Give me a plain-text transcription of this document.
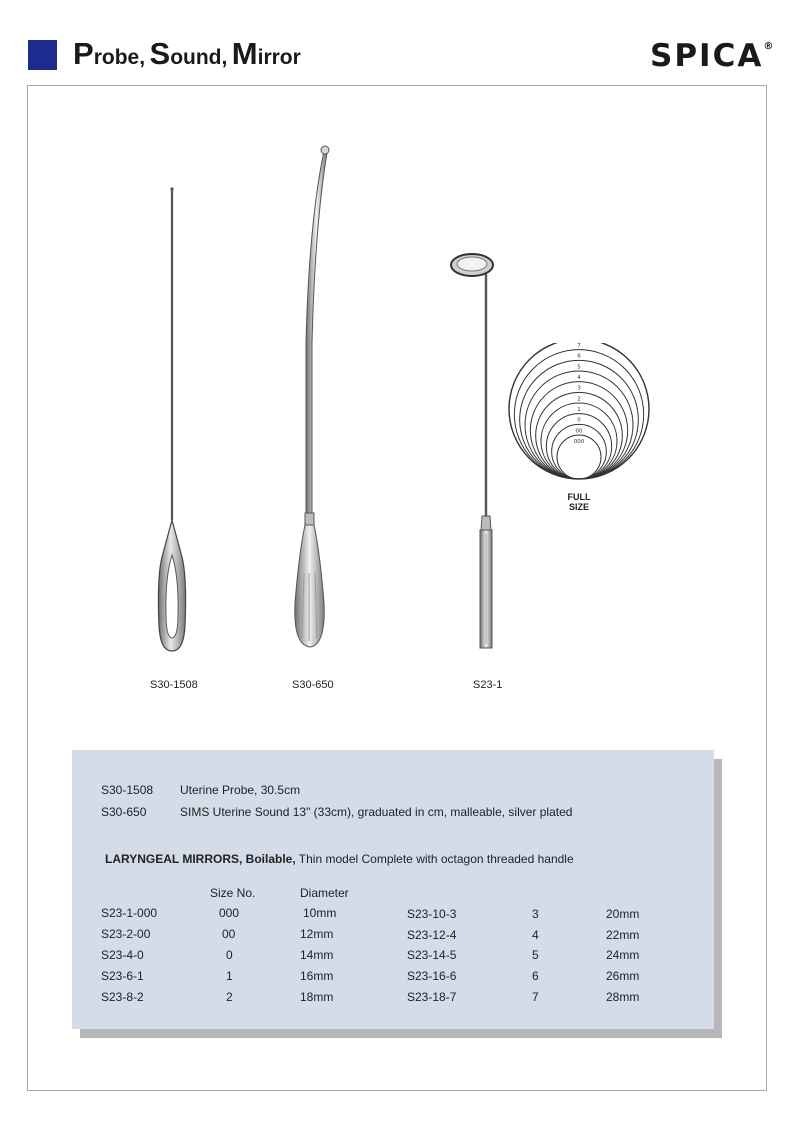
Probe, Sound, Mirror	SPICA®
7
6
5
4
3
2
1
0
00
000
FULL
SIZE
S30-1508	S30-650	S23-1
S30-1508 Uterine Probe, 30.5cm
S30-650	SIMS Uterine Sound 13" (33cm), graduated in cm, malleable, silver plated
LARYNGEAL MIRRORS, Boilable, Thin model Complete with octagon threaded handle
Size No.	Diameter
S23-1-000	000	10mm
S23-2-00	00	12mm
S23-4-0	0	14mm
S23-6-1	1	16mm
S23-8-2	2	18mm
S23-10-3	3	20mm
S23-12-4	4	22mm
S23-14-5	5	24mm
S23-16-6	6	26mm
S23-18-7	7	28mm
